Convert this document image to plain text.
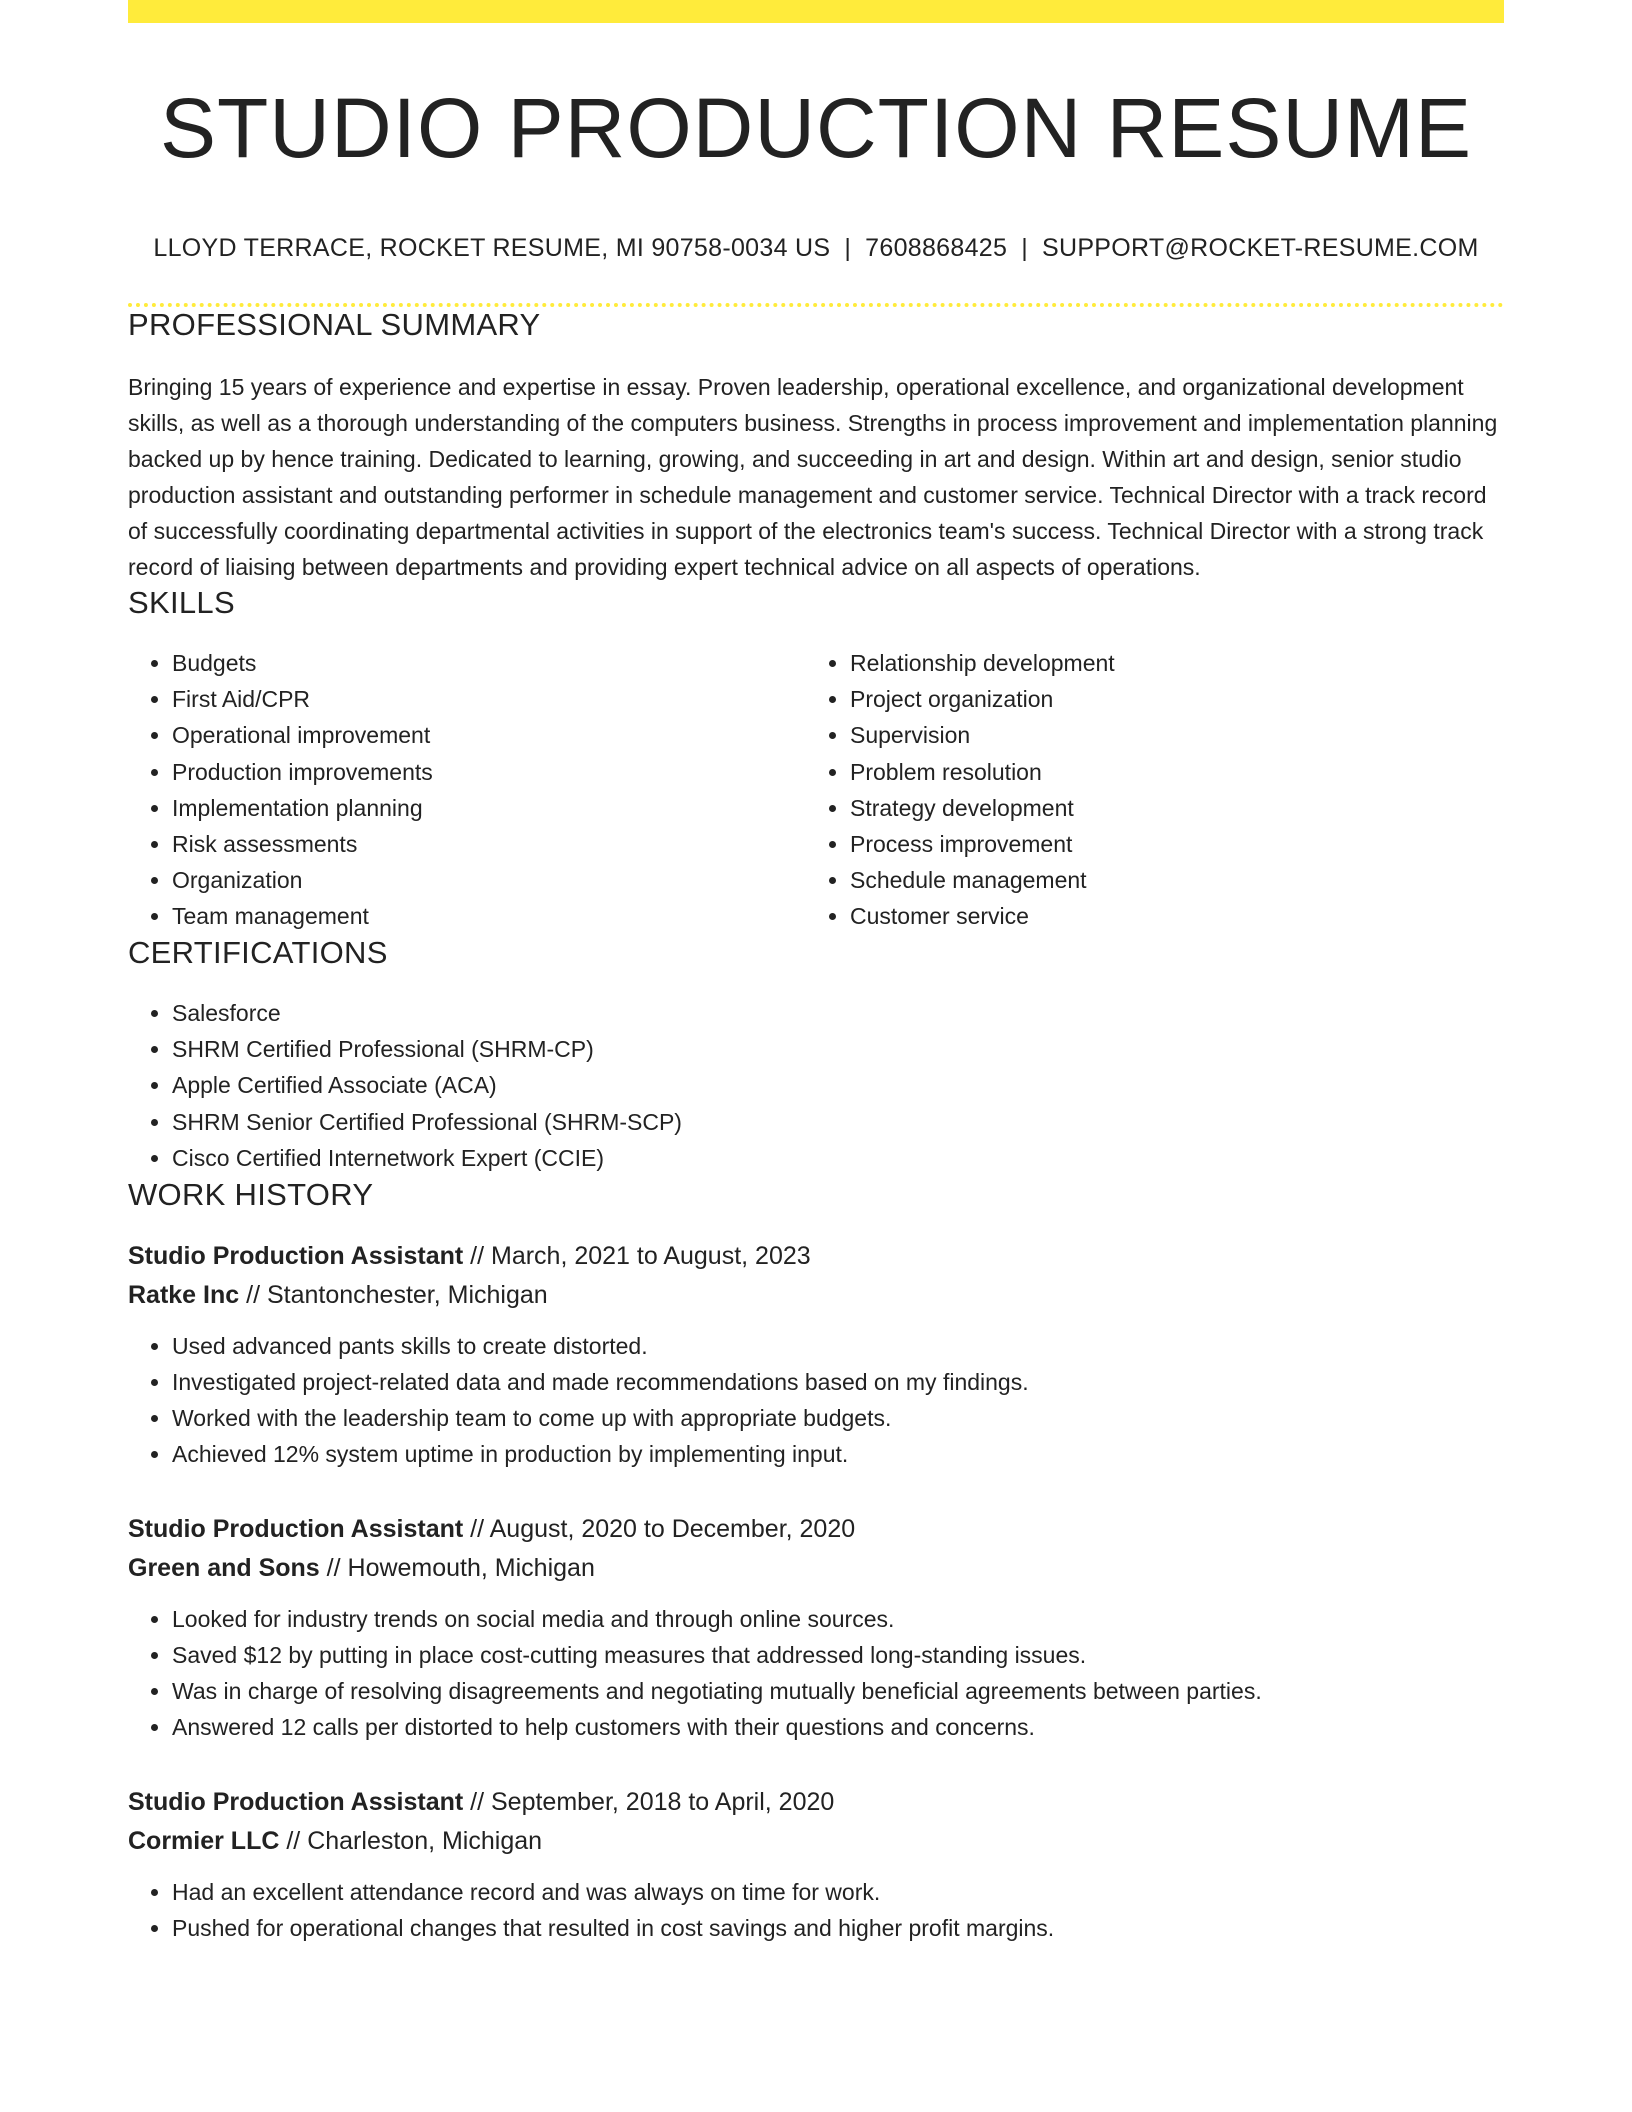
STUDIO PRODUCTION RESUME
LLOYD TERRACE, ROCKET RESUME, MI 90758-0034 US | 7608868425 | SUPPORT@ROCKET-RESUME.COM
PROFESSIONAL SUMMARY
Bringing 15 years of experience and expertise in essay. Proven leadership, operational excellence, and organizational development skills, as well as a thorough understanding of the computers business. Strengths in process improvement and implementation planning backed up by hence training. Dedicated to learning, growing, and succeeding in art and design. Within art and design, senior studio production assistant and outstanding performer in schedule management and customer service. Technical Director with a track record of successfully coordinating departmental activities in support of the electronics team's success. Technical Director with a strong track record of liaising between departments and providing expert technical advice on all aspects of operations.
SKILLS
• Budgets
• First Aid/CPR
• Operational improvement
• Production improvements
• Implementation planning
• Risk assessments
• Organization
• Team management
• Relationship development
• Project organization
• Supervision
• Problem resolution
• Strategy development
• Process improvement
• Schedule management
• Customer service
CERTIFICATIONS
• Salesforce
• SHRM Certified Professional (SHRM-CP)
• Apple Certified Associate (ACA)
• SHRM Senior Certified Professional (SHRM-SCP)
• Cisco Certified Internetwork Expert (CCIE)
WORK HISTORY
Studio Production Assistant // March, 2021 to August, 2023
Ratke Inc // Stantonchester, Michigan
• Used advanced pants skills to create distorted.
• Investigated project-related data and made recommendations based on my findings.
• Worked with the leadership team to come up with appropriate budgets.
• Achieved 12% system uptime in production by implementing input.
Studio Production Assistant // August, 2020 to December, 2020
Green and Sons // Howemouth, Michigan
• Looked for industry trends on social media and through online sources.
• Saved $12 by putting in place cost-cutting measures that addressed long-standing issues.
• Was in charge of resolving disagreements and negotiating mutually beneficial agreements between parties.
• Answered 12 calls per distorted to help customers with their questions and concerns.
Studio Production Assistant // September, 2018 to April, 2020
Cormier LLC // Charleston, Michigan
• Had an excellent attendance record and was always on time for work.
• Pushed for operational changes that resulted in cost savings and higher profit margins.
